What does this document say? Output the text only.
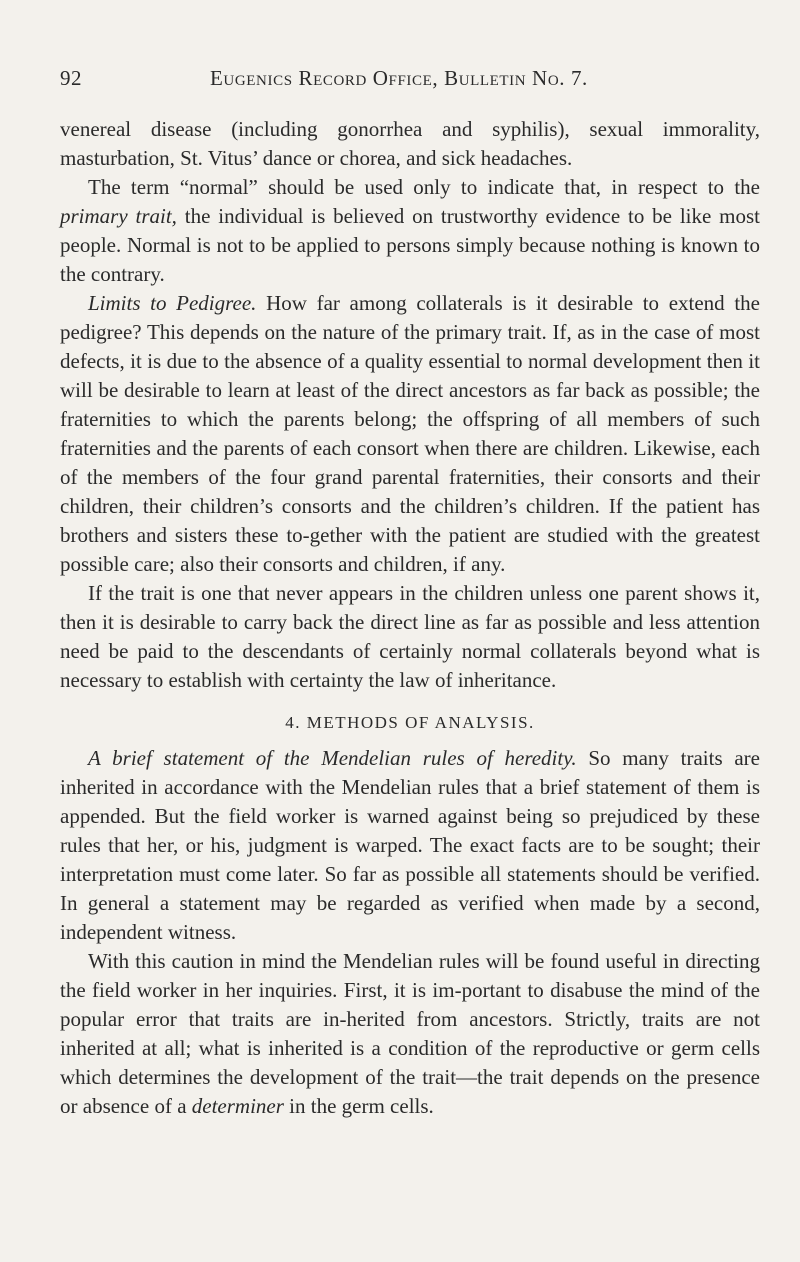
92	Eugenics Record Office, Bulletin No. 7.

venereal disease (including gonorrhea and syphilis), sexual immorality, masturbation, St. Vitus’ dance or chorea, and sick headaches.

The term “normal” should be used only to indicate that, in respect to the primary trait, the individual is believed on trustworthy evidence to be like most people. Normal is not to be applied to persons simply because nothing is known to the contrary.

Limits to Pedigree. How far among collaterals is it desirable to extend the pedigree? This depends on the nature of the primary trait. If, as in the case of most defects, it is due to the absence of a quality essential to normal development then it will be desirable to learn at least of the direct ancestors as far back as possible; the fraternities to which the parents belong; the offspring of all members of such fraternities and the parents of each consort when there are children. Likewise, each of the members of the four grand parental fraternities, their consorts and their children, their children’s consorts and the children’s children. If the patient has brothers and sisters these to-gether with the patient are studied with the greatest possible care; also their consorts and children, if any.

If the trait is one that never appears in the children unless one parent shows it, then it is desirable to carry back the direct line as far as possible and less attention need be paid to the descendants of certainly normal collaterals beyond what is necessary to establish with certainty the law of inheritance.

4. METHODS OF ANALYSIS.

A brief statement of the Mendelian rules of heredity. So many traits are inherited in accordance with the Mendelian rules that a brief statement of them is appended. But the field worker is warned against being so prejudiced by these rules that her, or his, judgment is warped. The exact facts are to be sought; their interpretation must come later. So far as possible all statements should be verified. In general a statement may be regarded as verified when made by a second, independent witness.

With this caution in mind the Mendelian rules will be found useful in directing the field worker in her inquiries. First, it is im-portant to disabuse the mind of the popular error that traits are in-herited from ancestors. Strictly, traits are not inherited at all; what is inherited is a condition of the reproductive or germ cells which determines the development of the trait—the trait depends on the presence or absence of a determiner in the germ cells.
